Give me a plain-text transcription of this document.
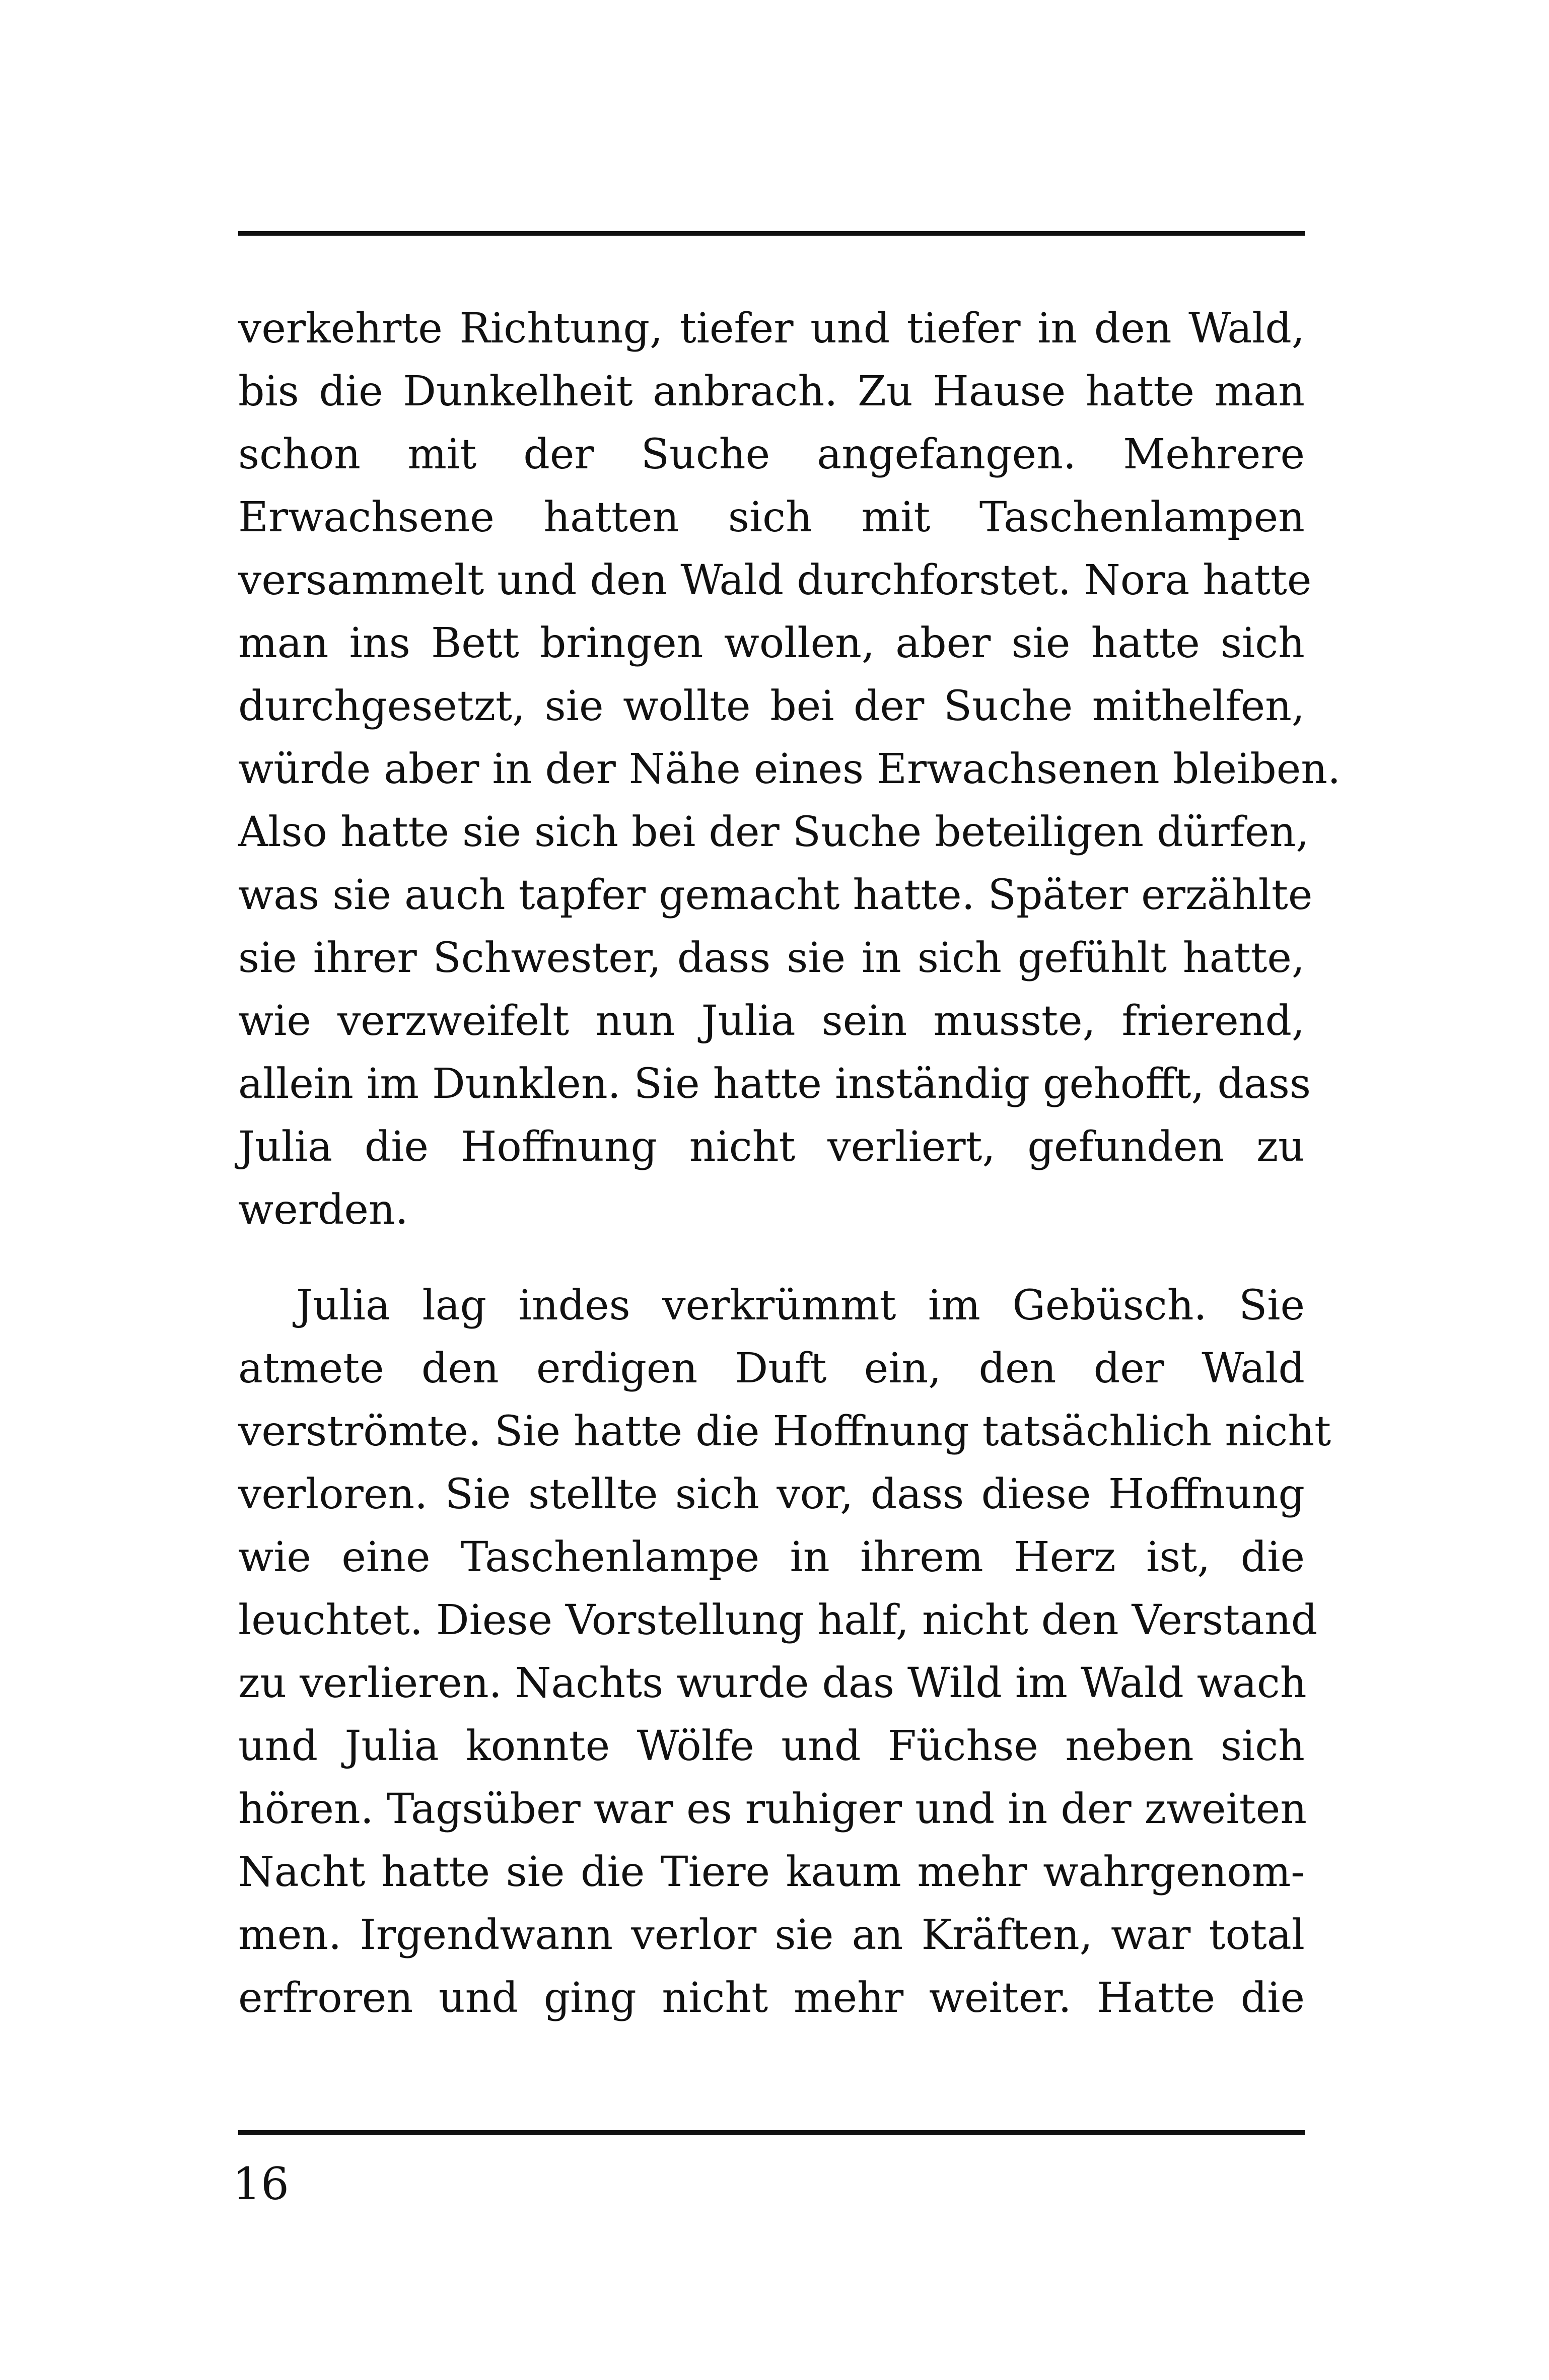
verkehrte Richtung, tiefer und tiefer in den Wald,
bis die Dunkelheit anbrach. Zu Hause hatte man
schon mit der Suche angefangen. Mehrere
Erwachsene hatten sich mit Taschenlampen
versammelt und den Wald durchforstet. Nora hatte
man ins Bett bringen wollen, aber sie hatte sich
durchgesetzt, sie wollte bei der Suche mithelfen,
würde aber in der Nähe eines Erwachsenen bleiben.
Also hatte sie sich bei der Suche beteiligen dürfen,
was sie auch tapfer gemacht hatte. Später erzählte
sie ihrer Schwester, dass sie in sich gefühlt hatte,
wie verzweifelt nun Julia sein musste, frierend,
allein im Dunklen. Sie hatte inständig gehofft, dass
Julia die Hoffnung nicht verliert, gefunden zu
werden.
Julia lag indes verkrümmt im Gebüsch. Sie
atmete den erdigen Duft ein, den der Wald
verströmte. Sie hatte die Hoffnung tatsächlich nicht
verloren. Sie stellte sich vor, dass diese Hoffnung
wie eine Taschenlampe in ihrem Herz ist, die
leuchtet. Diese Vorstellung half, nicht den Verstand
zu verlieren. Nachts wurde das Wild im Wald wach
und Julia konnte Wölfe und Füchse neben sich
hören. Tagsüber war es ruhiger und in der zweiten
Nacht hatte sie die Tiere kaum mehr wahrgenom-
men. Irgendwann verlor sie an Kräften, war total
erfroren und ging nicht mehr weiter. Hatte die
16
